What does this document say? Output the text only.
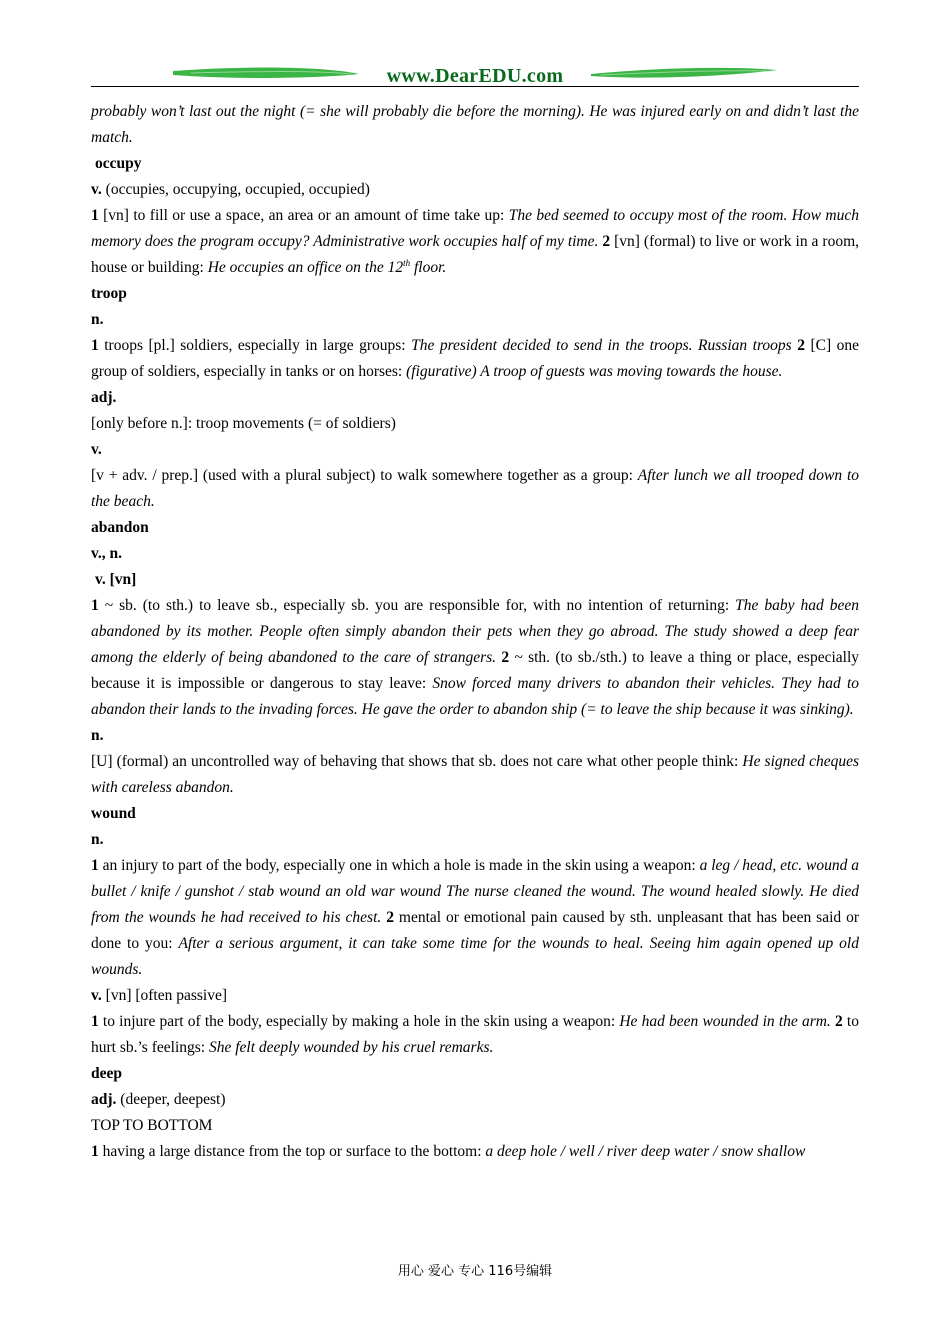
www.DearEDU.com

probably won’t last out the night (= she will probably die before the morning). He was injured early on and didn’t last the match.

occupy

v. (occupies, occupying, occupied, occupied)

1 [vn] to fill or use a space, an area or an amount of time take up: The bed seemed to occupy most of the room. How much memory does the program occupy? Administrative work occupies half of my time. 2 [vn] (formal) to live or work in a room, house or building: He occupies an office on the 12th floor.

troop

n.

1 troops [pl.] soldiers, especially in large groups: The president decided to send in the troops. Russian troops 2 [C] one group of soldiers, especially in tanks or on horses: (figurative) A troop of guests was moving towards the house.

adj.

[only before n.]: troop movements (= of soldiers)

v.

[v + adv. / prep.] (used with a plural subject) to walk somewhere together as a group: After lunch we all trooped down to the beach.

abandon

v., n.

v. [vn]

1 ~ sb. (to sth.) to leave sb., especially sb. you are responsible for, with no intention of returning: The baby had been abandoned by its mother. People often simply abandon their pets when they go abroad. The study showed a deep fear among the elderly of being abandoned to the care of strangers. 2 ~ sth. (to sb./sth.) to leave a thing or place, especially because it is impossible or dangerous to stay leave: Snow forced many drivers to abandon their vehicles. They had to abandon their lands to the invading forces. He gave the order to abandon ship (= to leave the ship because it was sinking).

n.

[U] (formal) an uncontrolled way of behaving that shows that sb. does not care what other people think: He signed cheques with careless abandon.

wound

n.

1 an injury to part of the body, especially one in which a hole is made in the skin using a weapon: a leg / head, etc. wound a bullet / knife / gunshot / stab wound an old war wound The nurse cleaned the wound. The wound healed slowly. He died from the wounds he had received to his chest. 2 mental or emotional pain caused by sth. unpleasant that has been said or done to you: After a serious argument, it can take some time for the wounds to heal. Seeing him again opened up old wounds.

v. [vn] [often passive]

1 to injure part of the body, especially by making a hole in the skin using a weapon: He had been wounded in the arm. 2 to hurt sb.’s feelings: She felt deeply wounded by his cruel remarks.

deep

adj. (deeper, deepest)

TOP TO BOTTOM

1 having a large distance from the top or surface to the bottom: a deep hole / well / river deep water / snow shallow

用心 爱心 专心 116号编辑
